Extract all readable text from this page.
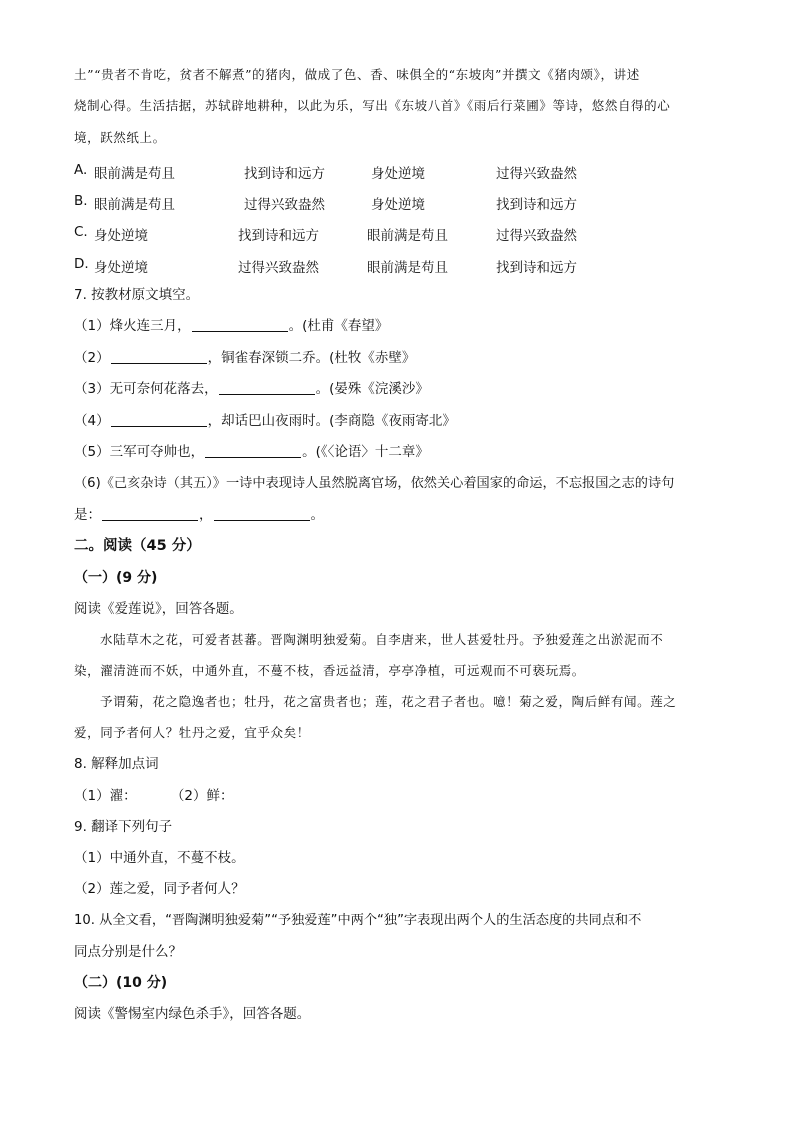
土”“贵者不肯吃，贫者不解煮”的猪肉，做成了色、香、味俱全的“东坡肉”并撰文《猪肉颂》，讲述
烧制心得。生活拮据，苏轼辟地耕种，以此为乐，写出《东坡八首》《雨后行菜圃》等诗，悠然自得的心
境，跃然纸上。
A. 眼前满是苟且	找到诗和远方	身处逆境	过得兴致盎然
B. 眼前满是苟且	过得兴致盎然	身处逆境	找到诗和远方
C. 身处逆境	找到诗和远方	眼前满是苟且	过得兴致盎然
D. 身处逆境	过得兴致盎然	眼前满是苟且	找到诗和远方
7. 按教材原文填空。
（1）烽火连三月，	。(杜甫《春望》
（2）	，铜雀春深锁二乔。(杜牧《赤壁》
（3）无可奈何花落去，	。(晏殊《浣溪沙》
（4）	，却话巴山夜雨时。(李商隐《夜雨寄北》
（5）三军可夺帅也，	。(《〈论语〉十二章》
（6)《己亥杂诗（其五）》一诗中表现诗人虽然脱离官场，依然关心着国家的命运，不忘报国之志的诗句
是：	，	。
二。阅读（45 分）
（一）(9 分)
阅读《爱莲说》，回答各题。
水陆草木之花，可爱者甚蕃。晋陶渊明独爱菊。自李唐来，世人甚爱牡丹。予独爱莲之出淤泥而不
染，濯清涟而不妖，中通外直，不蔓不枝，香远益清，亭亭净植，可远观而不可亵玩焉。
予谓菊，花之隐逸者也；牡丹，花之富贵者也；莲，花之君子者也。噫！菊之爱，陶后鲜有闻。莲之
爱，同予者何人？牡丹之爱，宜乎众矣！
8. 解释加点词
（1）濯：        （2）鲜：
9. 翻译下列句子
（1）中通外直，不蔓不枝。
（2）莲之爱，同予者何人？
10. 从全文看，“晋陶渊明独爱菊”“予独爱莲”中两个“独”字表现出两个人的生活态度的共同点和不
同点分别是什么？
（二）(10 分)
阅读《警惕室内绿色杀手》，回答各题。
